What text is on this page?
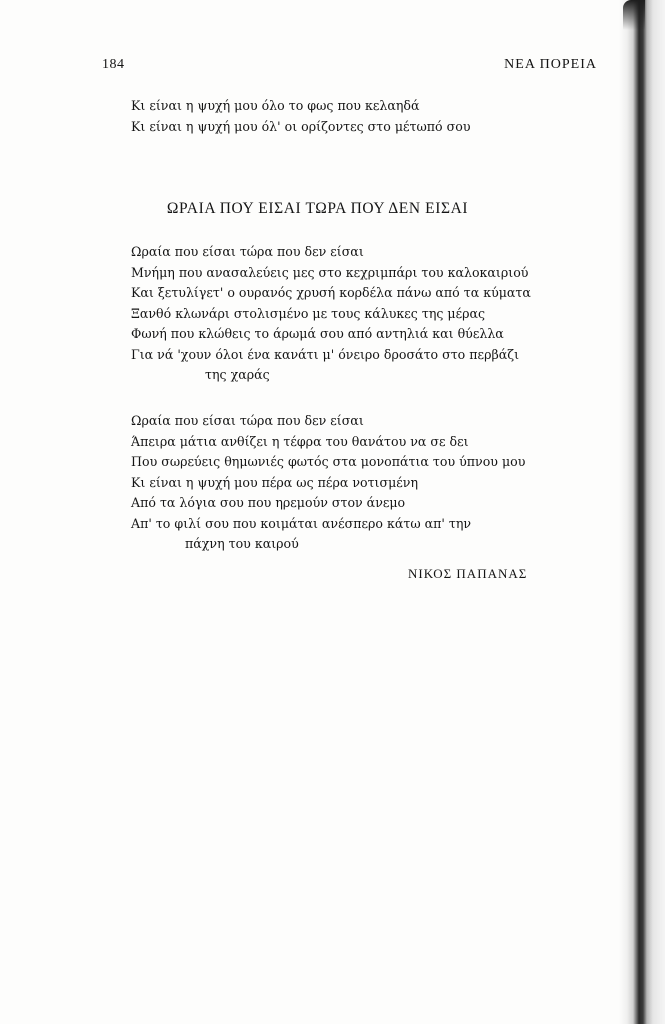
184	ΝΕΑ ΠΟΡΕΙΑ
Κι είναι η ψυχή μου όλο το φως που κελαηδά
Κι είναι η ψυχή μου όλ' οι ορίζοντες στο μέτωπό σου
ΩΡΑΙΑ ΠΟΥ ΕΙΣΑΙ ΤΩΡΑ ΠΟΥ ΔΕΝ ΕΙΣΑΙ
Ωραία που είσαι τώρα που δεν είσαι
Μνήμη που ανασαλεύεις μες στο κεχριμπάρι του καλοκαιριού
Και ξετυλίγετ' ο ουρανός χρυσή κορδέλα πάνω από τα κύματα
Ξανθό κλωνάρι στολισμένο με τους κάλυκες της μέρας
Φωνή που κλώθεις το άρωμά σου από αντηλιά και θύελλα
Για νά 'χουν όλοι ένα κανάτι μ' όνειρο δροσάτο στο περβάζι
της χαράς
Ωραία που είσαι τώρα που δεν είσαι
Άπειρα μάτια ανθίζει η τέφρα του θανάτου να σε δει
Που σωρεύεις θημωνιές φωτός στα μονοπάτια του ύπνου μου
Κι είναι η ψυχή μου πέρα ως πέρα νοτισμένη
Από τα λόγια σου που ηρεμούν στον άνεμο
Απ' το φιλί σου που κοιμάται ανέσπερο κάτω απ' την
πάχνη του καιρού
ΝΙΚΟΣ ΠΑΠΑΝΑΣ
